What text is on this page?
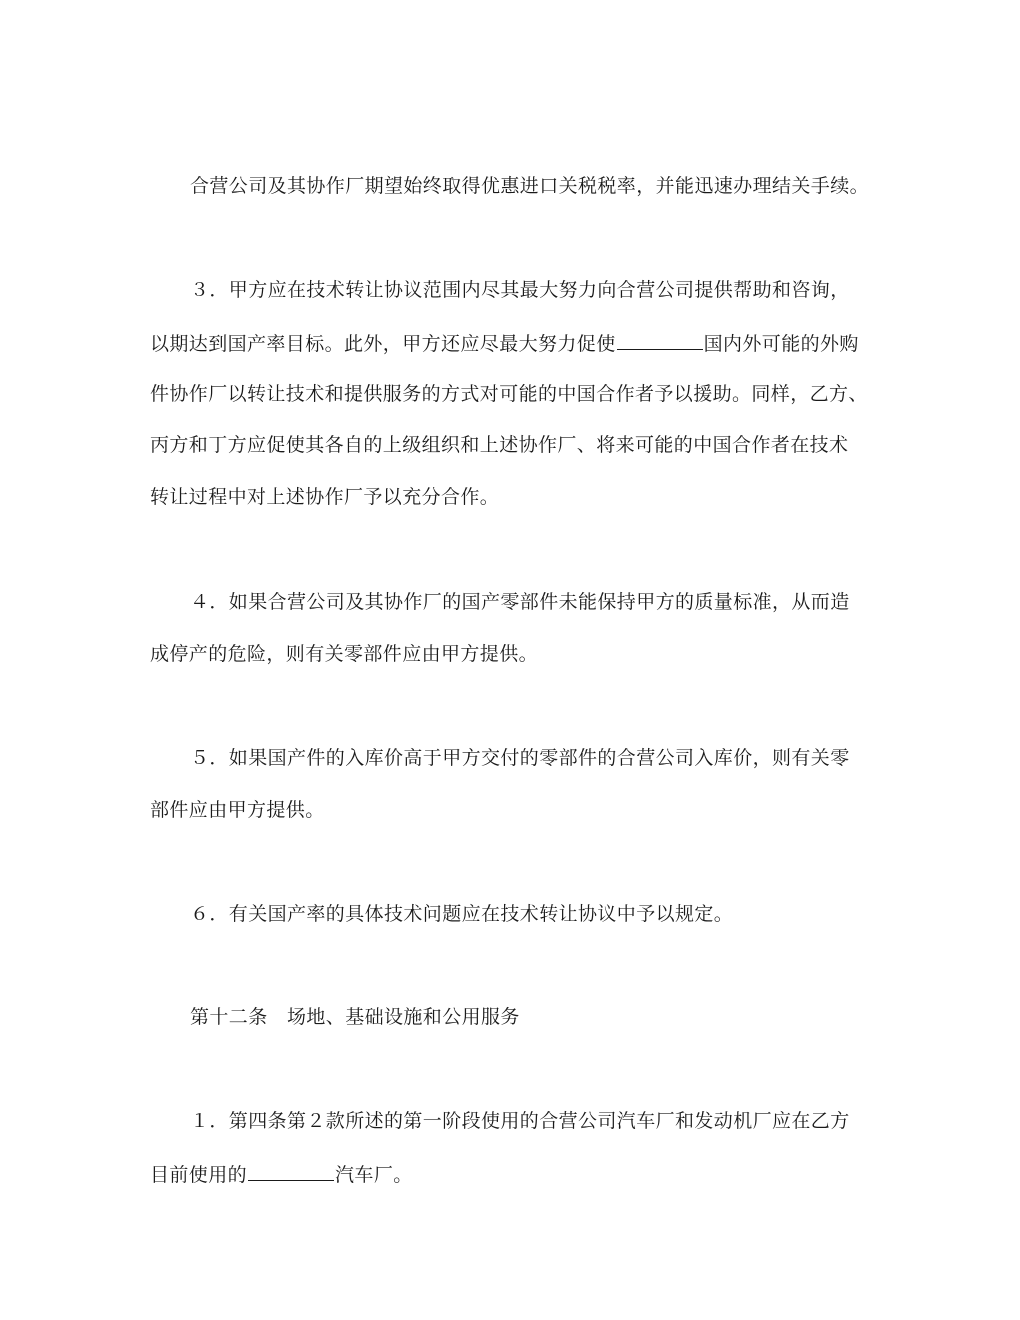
合营公司及其协作厂期望始终取得优惠进口关税税率，并能迅速办理结关手续。
３．甲方应在技术转让协议范围内尽其最大努力向合营公司提供帮助和咨询，
以期达到国产率目标。此外，甲方还应尽最大努力促使	国内外可能的外购
件协作厂以转让技术和提供服务的方式对可能的中国合作者予以援助。同样，乙方、
丙方和丁方应促使其各自的上级组织和上述协作厂、将来可能的中国合作者在技术
转让过程中对上述协作厂予以充分合作。
４．如果合营公司及其协作厂的国产零部件未能保持甲方的质量标准，从而造
成停产的危险，则有关零部件应由甲方提供。
５．如果国产件的入库价高于甲方交付的零部件的合营公司入库价，则有关零
部件应由甲方提供。
６．有关国产率的具体技术问题应在技术转让协议中予以规定。
第十二条　场地、基础设施和公用服务
１．第四条第２款所述的第一阶段使用的合营公司汽车厂和发动机厂应在乙方
目前使用的	汽车厂。
